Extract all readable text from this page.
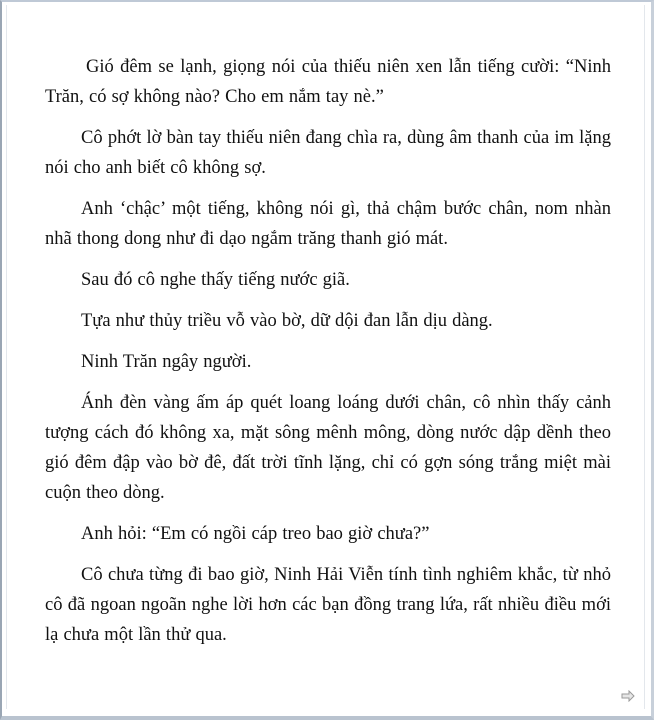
Gió đêm se lạnh, giọng nói của thiếu niên xen lẫn tiếng cười: “Ninh Trăn, có sợ không nào? Cho em nắm tay nè.”

Cô phớt lờ bàn tay thiếu niên đang chìa ra, dùng âm thanh của im lặng nói cho anh biết cô không sợ.

Anh ‘chậc’ một tiếng, không nói gì, thả chậm bước chân, nom nhàn nhã thong dong như đi dạo ngắm trăng thanh gió mát.

Sau đó cô nghe thấy tiếng nước giã.

Tựa như thủy triều vỗ vào bờ, dữ dội đan lẫn dịu dàng.

Ninh Trăn ngây người.

Ánh đèn vàng ấm áp quét loang loáng dưới chân, cô nhìn thấy cảnh tượng cách đó không xa, mặt sông mênh mông, dòng nước dập dềnh theo gió đêm đập vào bờ đê, đất trời tĩnh lặng, chỉ có gợn sóng trắng miệt mài cuộn theo dòng.

Anh hỏi: “Em có ngồi cáp treo bao giờ chưa?”

Cô chưa từng đi bao giờ, Ninh Hải Viễn tính tình nghiêm khắc, từ nhỏ cô đã ngoan ngoãn nghe lời hơn các bạn đồng trang lứa, rất nhiều điều mới lạ chưa một lần thử qua.
